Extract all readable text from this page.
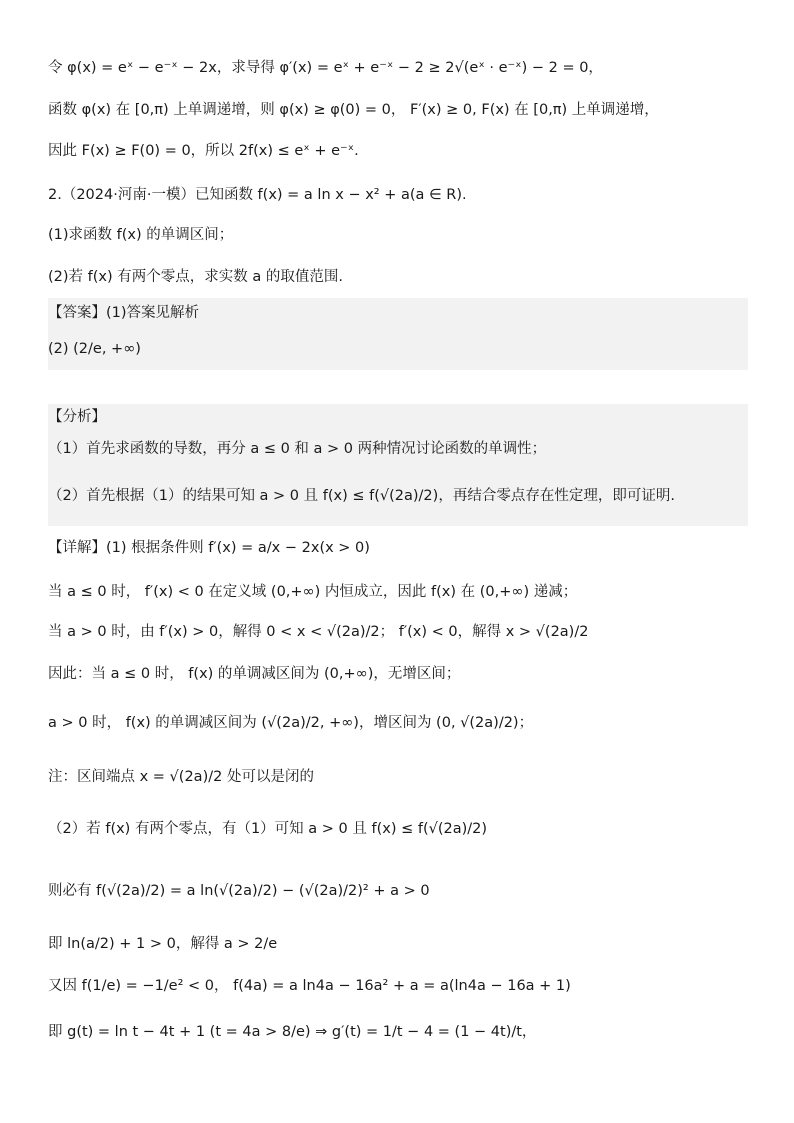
令 φ(x) = eˣ − e⁻ˣ − 2x，求导得 φ′(x) = eˣ + e⁻ˣ − 2 ≥ 2√(eˣ · e⁻ˣ) − 2 = 0，
函数 φ(x) 在 [0,π) 上单调递增，则 φ(x) ≥ φ(0) = 0， F′(x) ≥ 0, F(x) 在 [0,π) 上单调递增，
因此 F(x) ≥ F(0) = 0，所以 2f(x) ≤ eˣ + e⁻ˣ.
2.（2024·河南·一模）已知函数 f(x) = a ln x − x² + a(a ∈ R).
(1)求函数 f(x) 的单调区间；
(2)若 f(x) 有两个零点，求实数 a 的取值范围.
【答案】(1)答案见解析
(2) (2/e, +∞)
【分析】
（1）首先求函数的导数，再分 a ≤ 0 和 a > 0 两种情况讨论函数的单调性；
（2）首先根据（1）的结果可知 a > 0 且 f(x) ≤ f(√(2a)/2)，再结合零点存在性定理，即可证明.
【详解】(1) 根据条件则 f′(x) = a/x − 2x(x > 0)
当 a ≤ 0 时， f′(x) < 0 在定义域 (0,+∞) 内恒成立，因此 f(x) 在 (0,+∞) 递减；
当 a > 0 时，由 f′(x) > 0，解得 0 < x < √(2a)/2； f′(x) < 0，解得 x > √(2a)/2
因此：当 a ≤ 0 时， f(x) 的单调减区间为 (0,+∞)，无增区间；
a > 0 时， f(x) 的单调减区间为 (√(2a)/2, +∞)，增区间为 (0, √(2a)/2)；
注：区间端点 x = √(2a)/2 处可以是闭的
（2）若 f(x) 有两个零点，有（1）可知 a > 0 且 f(x) ≤ f(√(2a)/2)
则必有 f(√(2a)/2) = a ln(√(2a)/2) − (√(2a)/2)² + a > 0
即 ln(a/2) + 1 > 0，解得 a > 2/e
又因 f(1/e) = −1/e² < 0， f(4a) = a ln4a − 16a² + a = a(ln4a − 16a + 1)
即 g(t) = ln t − 4t + 1 (t = 4a > 8/e) ⇒ g′(t) = 1/t − 4 = (1 − 4t)/t，
